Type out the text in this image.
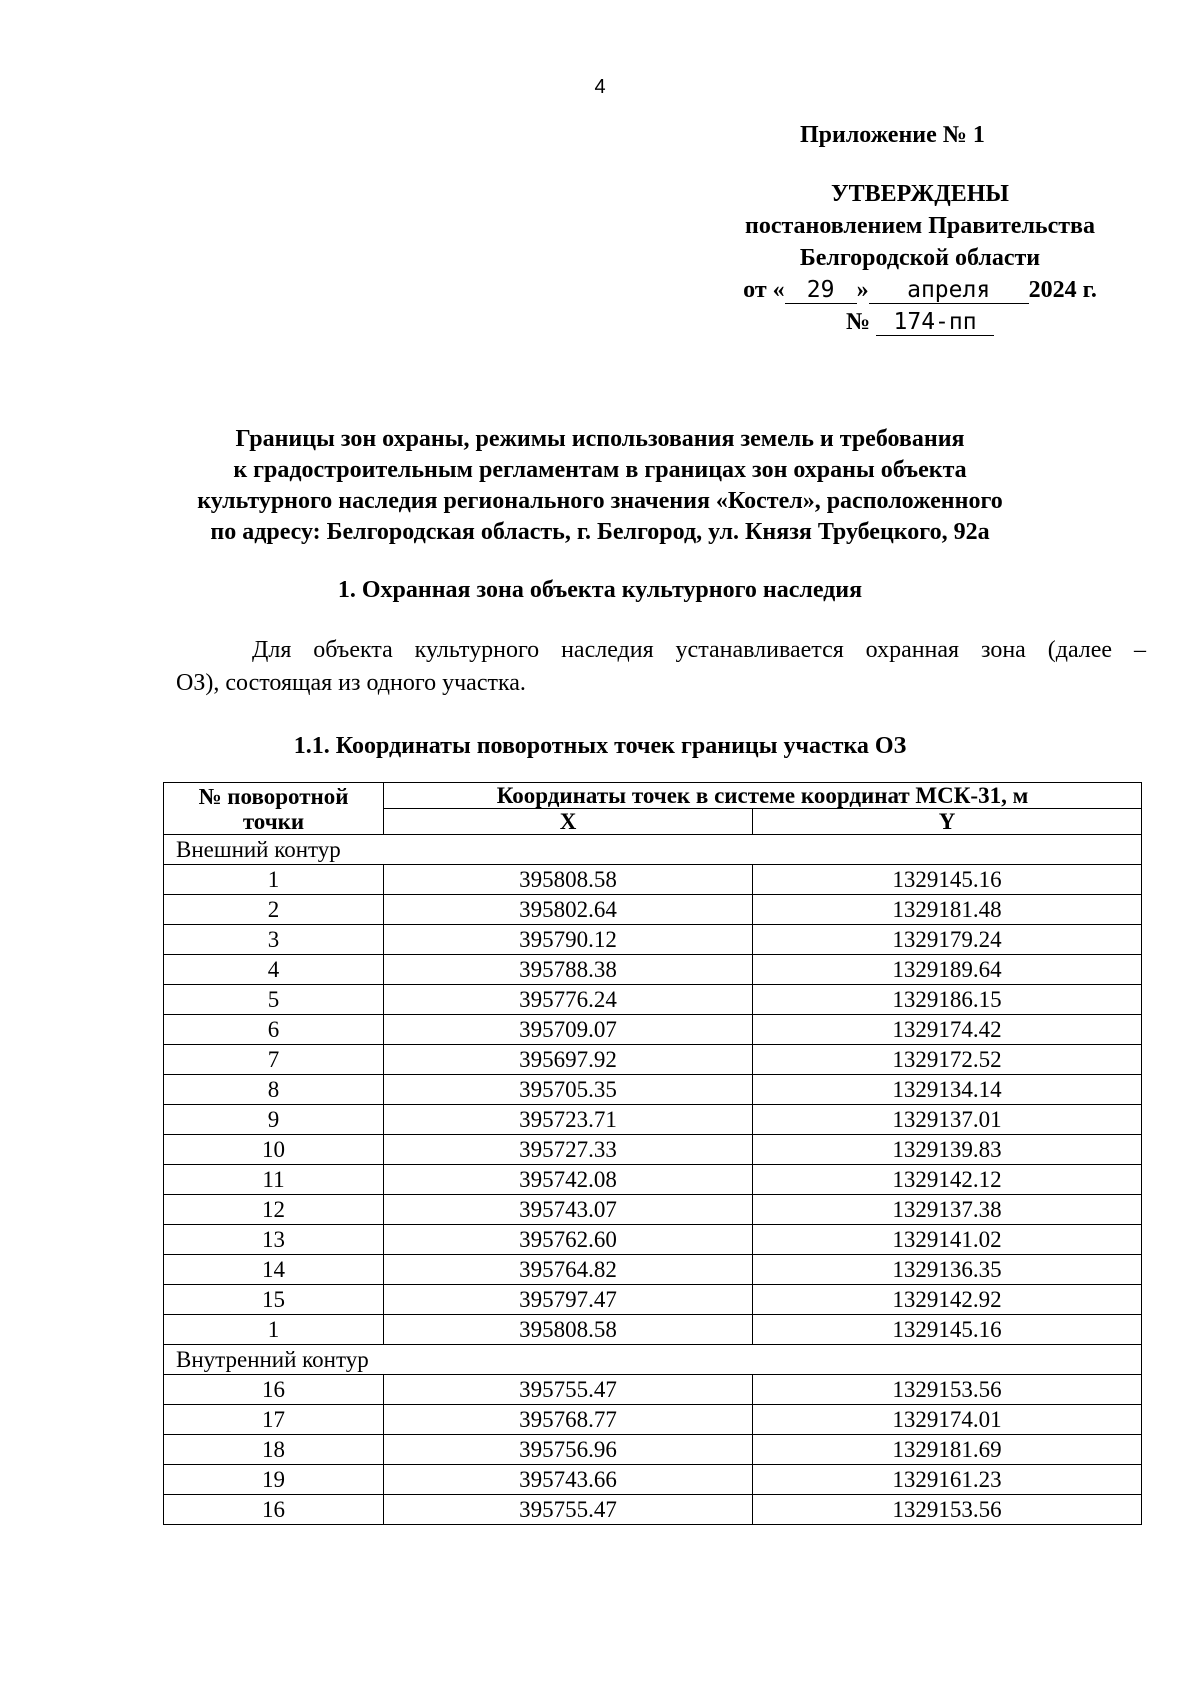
4
Приложение № 1
УТВЕРЖДЕНЫ
постановлением Правительства
Белгородской области
от « 29 » апреля 2024 г.
№ 174-пп
Границы зон охраны, режимы использования земель и требования
к градостроительным регламентам в границах зон охраны объекта
культурного наследия регионального значения «Костел», расположенного
по адресу: Белгородская область, г. Белгород, ул. Князя Трубецкого, 92а
1. Охранная зона объекта культурного наследия
Для объекта культурного наследия устанавливается охранная зона (далее –
ОЗ), состоящая из одного участка.
1.1. Координаты поворотных точек границы участка ОЗ
№ поворотной точки	Координаты точек в системе координат МСК-31, м	
	X	Y
Внешний контур		
1	395808.58	1329145.16
2	395802.64	1329181.48
3	395790.12	1329179.24
4	395788.38	1329189.64
5	395776.24	1329186.15
6	395709.07	1329174.42
7	395697.92	1329172.52
8	395705.35	1329134.14
9	395723.71	1329137.01
10	395727.33	1329139.83
11	395742.08	1329142.12
12	395743.07	1329137.38
13	395762.60	1329141.02
14	395764.82	1329136.35
15	395797.47	1329142.92
1	395808.58	1329145.16
Внутренний контур		
16	395755.47	1329153.56
17	395768.77	1329174.01
18	395756.96	1329181.69
19	395743.66	1329161.23
16	395755.47	1329153.56
